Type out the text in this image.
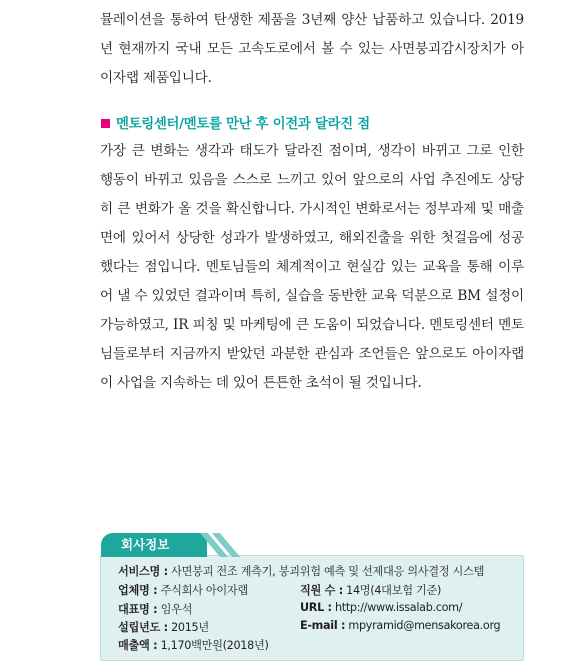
뮬레이션을 통하여 탄생한 제품을 3년째 양산 납품하고 있습니다. 2019년 현재까지 국내 모든 고속도로에서 볼 수 있는 사면붕괴감시장치가 아이자랩 제품입니다.

멘토링센터/멘토를 만난 후 이전과 달라진 점

가장 큰 변화는 생각과 태도가 달라진 점이며, 생각이 바뀌고 그로 인한 행동이 바뀌고 있음을 스스로 느끼고 있어 앞으로의 사업 추진에도 상당히 큰 변화가 올 것을 확신합니다. 가시적인 변화로서는 정부과제 및 매출 면에 있어서 상당한 성과가 발생하였고, 해외진출을 위한 첫걸음에 성공했다는 점입니다. 멘토님들의 체계적이고 현실감 있는 교육을 통해 이루어 낼 수 있었던 결과이며 특히, 실습을 동반한 교육 덕분으로 BM 설정이 가능하였고, IR 피칭 및 마케팅에 큰 도움이 되었습니다. 멘토링센터 멘토님들로부터 지금까지 받았던 과분한 관심과 조언들은 앞으로도 아이자랩이 사업을 지속하는 데 있어 튼튼한 초석이 될 것입니다.

회사정보
서비스명 : 사면붕괴 전조 계측기, 붕괴위험 예측 및 선제대응 의사결정 시스템
업체명 : 주식회사 아이자랩
대표명 : 임우석
설립년도 : 2015년
매출액 : 1,170백만원(2018년)
직원 수 : 14명(4대보험 기준)
URL : http://www.issalab.com/
E-mail : mpyramid@mensakorea.org
